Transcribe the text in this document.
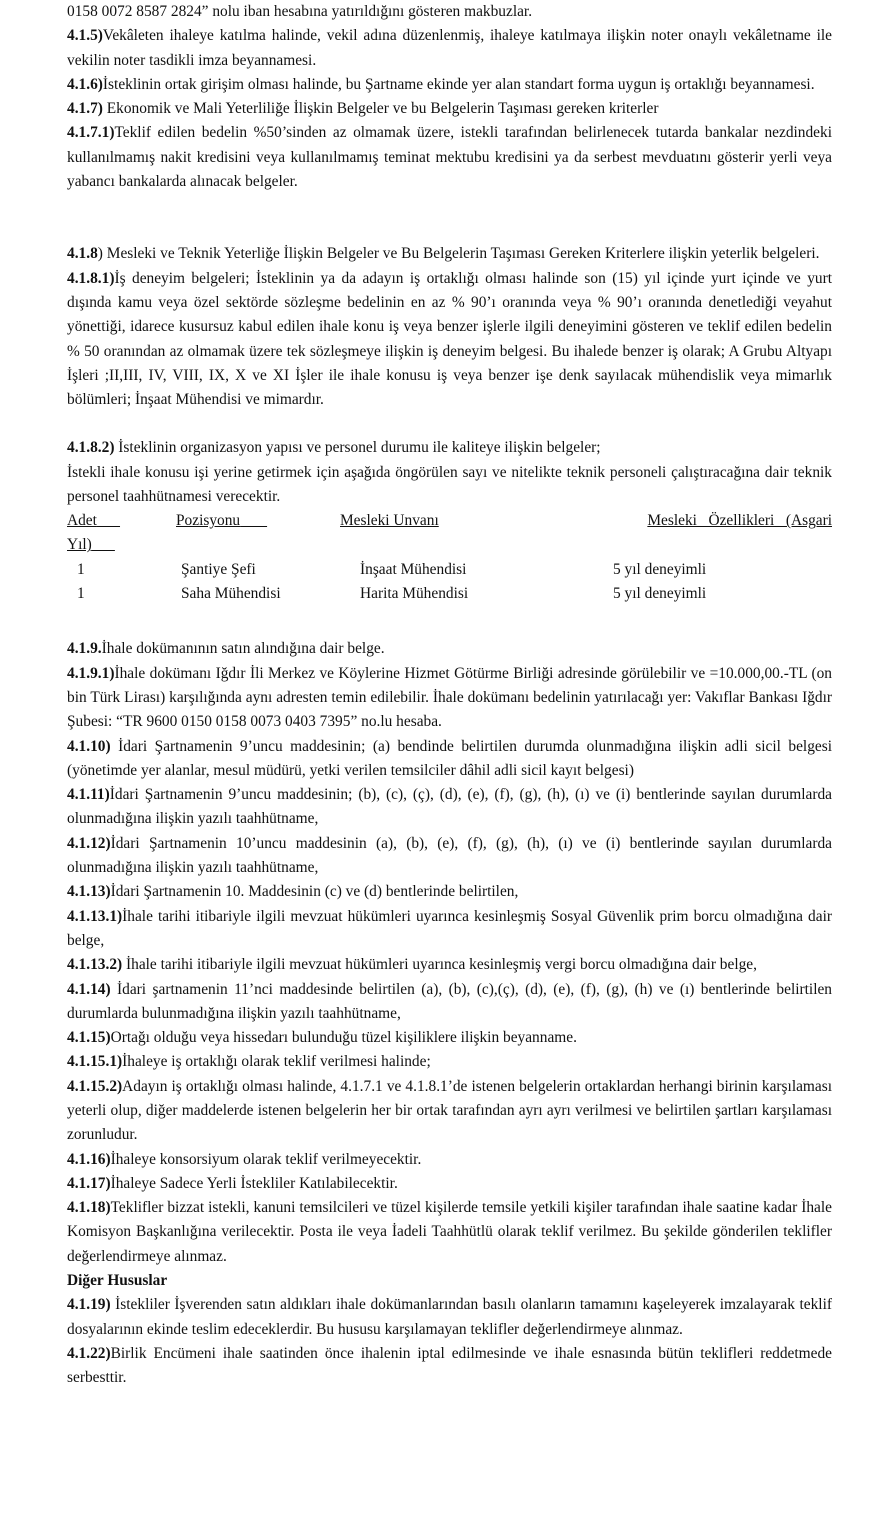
0158 0072 8587 2824” nolu iban hesabına yatırıldığını gösteren makbuzlar.

4.1.5)Vekâleten ihaleye katılma halinde, vekil adına düzenlenmiş, ihaleye katılmaya ilişkin noter onaylı vekâletname ile vekilin noter tasdikli imza beyannamesi.

4.1.6)İsteklinin ortak girişim olması halinde, bu Şartname ekinde yer alan standart forma uygun iş ortaklığı beyannamesi.

4.1.7) Ekonomik ve Mali Yeterliliğe İlişkin Belgeler ve bu Belgelerin Taşıması gereken kriterler

4.1.7.1)Teklif edilen bedelin %50’sinden az olmamak üzere, istekli tarafından belirlenecek tutarda bankalar nezdindeki kullanılmamış nakit kredisini veya kullanılmamış teminat mektubu kredisini ya da serbest mevduatını gösterir yerli veya yabancı bankalarda alınacak belgeler.

4.1.8) Mesleki ve Teknik Yeterliğe İlişkin Belgeler ve Bu Belgelerin Taşıması Gereken Kriterlere ilişkin yeterlik belgeleri.

4.1.8.1)İş deneyim belgeleri; İsteklinin ya da adayın iş ortaklığı olması halinde son (15) yıl içinde yurt içinde ve yurt dışında kamu veya özel sektörde sözleşme bedelinin en az % 90’ı oranında veya % 90’ı oranında denetlediği veyahut yönettiği, idarece kusursuz kabul edilen ihale konu iş veya benzer işlerle ilgili deneyimini gösteren ve teklif edilen bedelin % 50 oranından az olmamak üzere tek sözleşmeye ilişkin iş deneyim belgesi. Bu ihalede benzer iş olarak; A Grubu Altyapı İşleri ;II,III, IV, VIII, IX, X ve XI İşler ile ihale konusu iş veya benzer işe denk sayılacak mühendislik veya mimarlık bölümleri; İnşaat Mühendisi ve mimardır.

4.1.8.2) İsteklinin organizasyon yapısı ve personel durumu ile kaliteye ilişkin belgeler;

İstekli ihale konusu işi yerine getirmek için aşağıda öngörülen sayı ve nitelikte teknik personeli çalıştıracağına dair teknik personel taahhütnamesi verecektir.

Adet	Pozisyonu	Mesleki Unvanı	Mesleki   Özellikleri   (Asgari
Yıl)
1	Şantiye Şefi	İnşaat Mühendisi	5 yıl deneyimli
1	Saha Mühendisi	Harita Mühendisi	5 yıl deneyimli

4.1.9.İhale dokümanının satın alındığına dair belge.

4.1.9.1)İhale dokümanı Iğdır İli Merkez ve Köylerine Hizmet Götürme Birliği adresinde görülebilir ve =10.000,00.-TL (on bin Türk Lirası) karşılığında aynı adresten temin edilebilir. İhale dokümanı bedelinin yatırılacağı yer: Vakıflar Bankası Iğdır Şubesi: “TR 9600 0150 0158 0073 0403 7395” no.lu hesaba.

4.1.10) İdari Şartnamenin 9’uncu maddesinin; (a) bendinde belirtilen durumda olunmadığına ilişkin adli sicil belgesi (yönetimde yer alanlar, mesul müdürü, yetki verilen temsilciler dâhil adli sicil kayıt belgesi)

4.1.11)İdari Şartnamenin 9’uncu maddesinin; (b), (c), (ç), (d), (e), (f), (g), (h), (ı) ve (i) bentlerinde sayılan durumlarda olunmadığına ilişkin yazılı taahhütname,

4.1.12)İdari Şartnamenin 10’uncu maddesinin (a), (b), (e), (f), (g), (h), (ı) ve (i) bentlerinde sayılan durumlarda olunmadığına ilişkin yazılı taahhütname,

4.1.13)İdari Şartnamenin 10. Maddesinin (c) ve (d) bentlerinde belirtilen,

4.1.13.1)İhale tarihi itibariyle ilgili mevzuat hükümleri uyarınca kesinleşmiş Sosyal Güvenlik prim borcu olmadığına dair belge,

4.1.13.2) İhale tarihi itibariyle ilgili mevzuat hükümleri uyarınca kesinleşmiş vergi borcu olmadığına dair belge,

4.1.14) İdari şartnamenin 11’nci maddesinde belirtilen (a), (b), (c),(ç), (d), (e), (f), (g), (h) ve (ı) bentlerinde belirtilen durumlarda bulunmadığına ilişkin yazılı taahhütname,

4.1.15)Ortağı olduğu veya hissedarı bulunduğu tüzel kişiliklere ilişkin beyanname.

4.1.15.1)İhaleye iş ortaklığı olarak teklif verilmesi halinde;

4.1.15.2)Adayın iş ortaklığı olması halinde, 4.1.7.1 ve 4.1.8.1’de istenen belgelerin ortaklardan herhangi birinin karşılaması yeterli olup, diğer maddelerde istenen belgelerin her bir ortak tarafından ayrı ayrı verilmesi ve belirtilen şartları karşılaması zorunludur.

4.1.16)İhaleye konsorsiyum olarak teklif verilmeyecektir.

4.1.17)İhaleye Sadece Yerli İstekliler Katılabilecektir.

4.1.18)Teklifler bizzat istekli, kanuni temsilcileri ve tüzel kişilerde temsile yetkili kişiler tarafından ihale saatine kadar İhale Komisyon Başkanlığına verilecektir. Posta ile veya İadeli Taahhütlü olarak teklif verilmez. Bu şekilde gönderilen teklifler değerlendirmeye alınmaz.

Diğer Hususlar

4.1.19) İstekliler İşverenden satın aldıkları ihale dokümanlarından basılı olanların tamamını kaşeleyerek imzalayarak teklif dosyalarının ekinde teslim edeceklerdir. Bu hususu karşılamayan teklifler değerlendirmeye alınmaz.

4.1.22)Birlik Encümeni ihale saatinden önce ihalenin iptal edilmesinde ve ihale esnasında bütün teklifleri reddetmede serbesttir.
